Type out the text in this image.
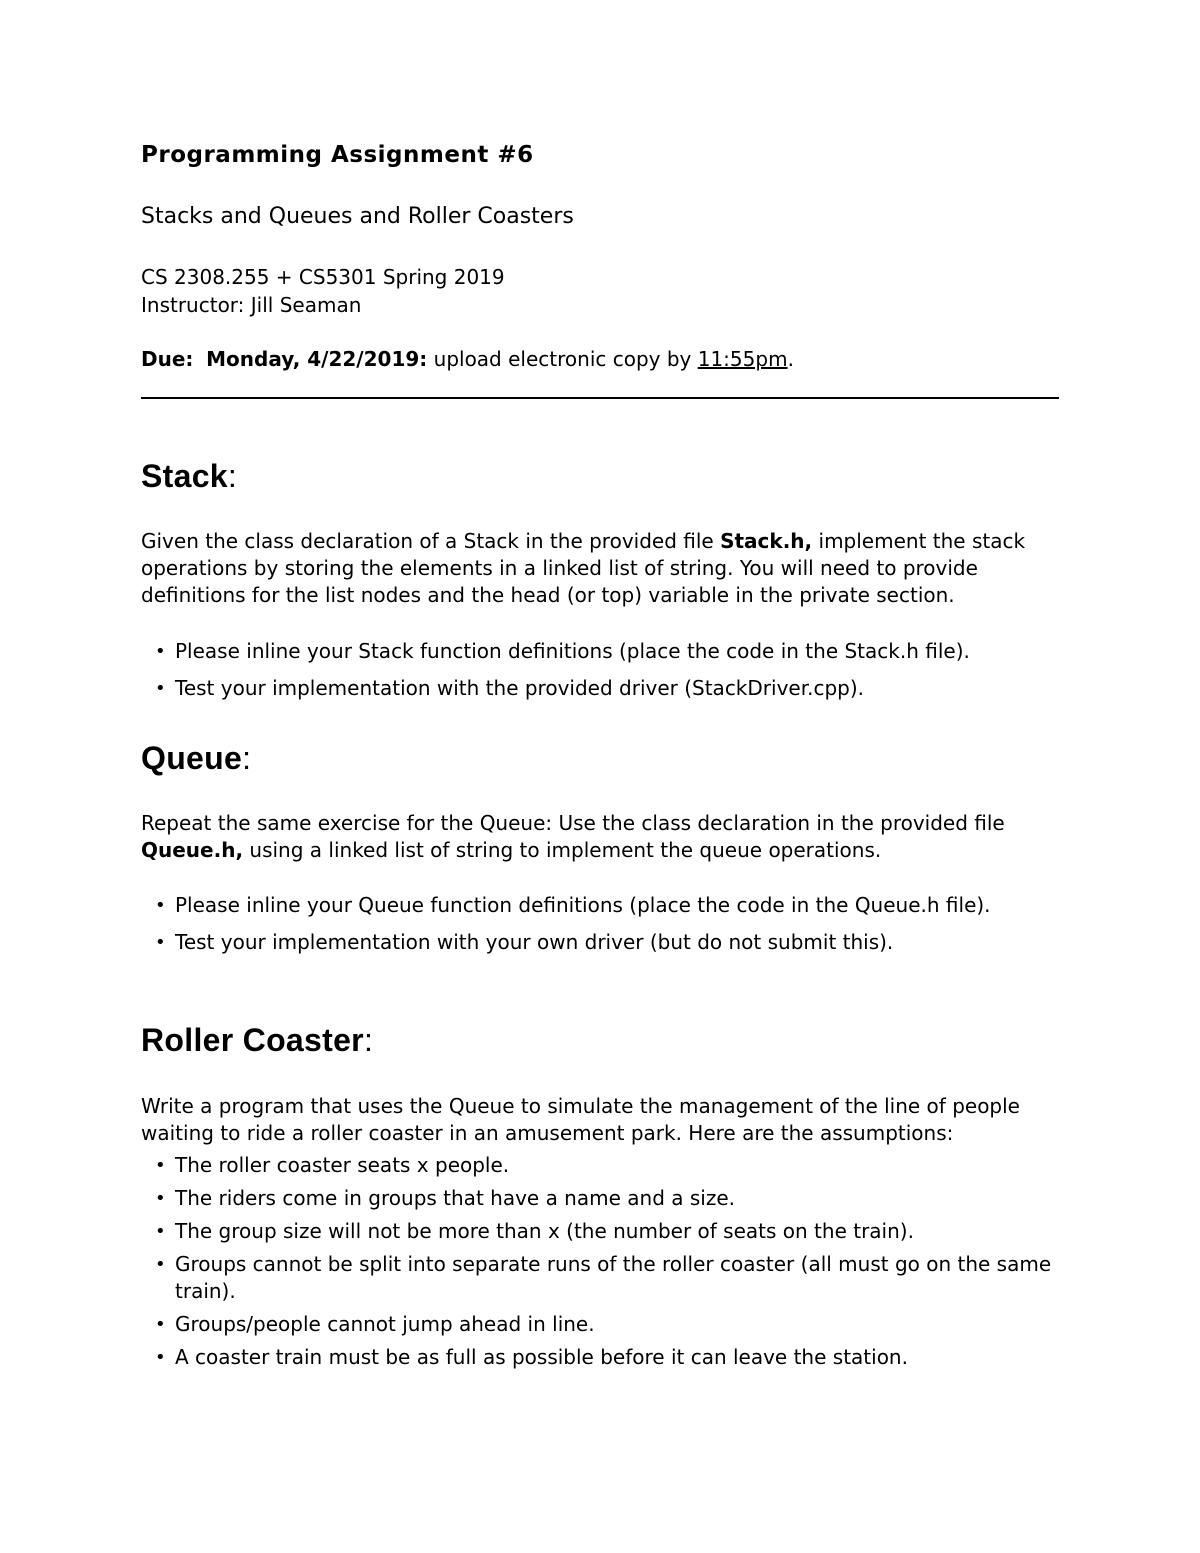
Programming Assignment #6

Stacks and Queues and Roller Coasters

CS 2308.255 + CS5301 Spring 2019
Instructor: Jill Seaman
Due: Monday, 4/22/2019: upload electronic copy by 11:55pm.
Stack:

Given the class declaration of a Stack in the provided file Stack.h, implement the stack operations by storing the elements in a linked list of string. You will need to provide definitions for the list nodes and the head (or top) variable in the private section.

• Please inline your Stack function definitions (place the code in the Stack.h file).
• Test your implementation with the provided driver (StackDriver.cpp).
Queue:

Repeat the same exercise for the Queue: Use the class declaration in the provided file Queue.h, using a linked list of string to implement the queue operations.

• Please inline your Queue function definitions (place the code in the Queue.h file).
• Test your implementation with your own driver (but do not submit this).
Roller Coaster:

Write a program that uses the Queue to simulate the management of the line of people waiting to ride a roller coaster in an amusement park. Here are the assumptions:

• The roller coaster seats x people.
• The riders come in groups that have a name and a size.
• The group size will not be more than x (the number of seats on the train).
• Groups cannot be split into separate runs of the roller coaster (all must go on the same train).
• Groups/people cannot jump ahead in line.
• A coaster train must be as full as possible before it can leave the station.
